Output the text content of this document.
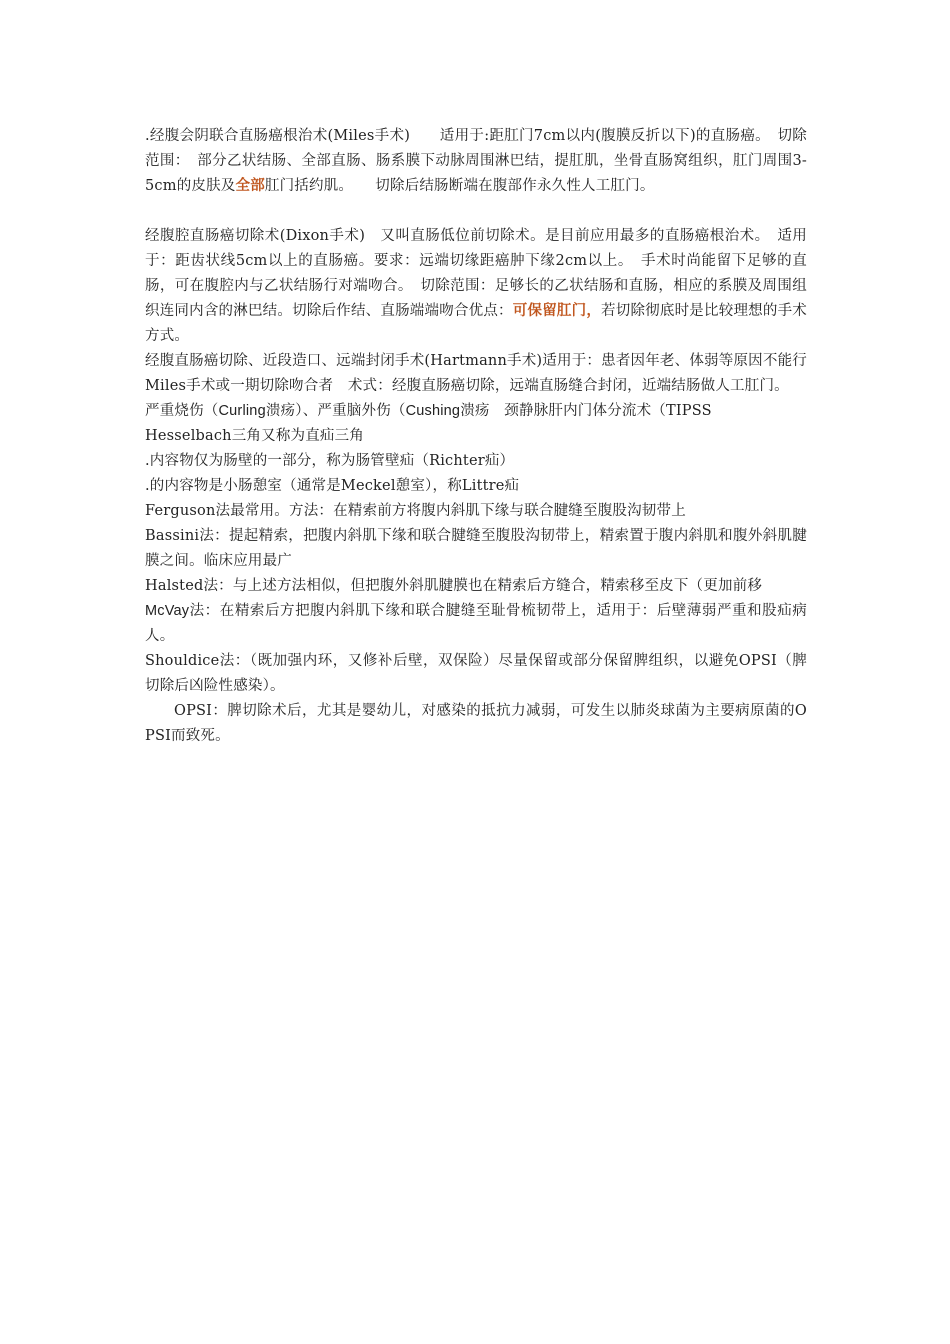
.经腹会阴联合直肠癌根治术(Miles手术)　　适用于:距肛门7cm以内(腹膜反折以下)的直肠癌。　切除范围：　部分乙状结肠、全部直肠、肠系膜下动脉周围淋巴结，提肛肌，坐骨直肠窝组织，肛门周围3-5cm的皮肤及全部肛门括约肌。　　切除后结肠断端在腹部作永久性人工肛门。

经腹腔直肠癌切除术(Dixon手术)　又叫直肠低位前切除术。是目前应用最多的直肠癌根治术。　适用于：距齿状线5cm以上的直肠癌。要求：远端切缘距癌肿下缘2cm以上。　手术时尚能留下足够的直肠，可在腹腔内与乙状结肠行对端吻合。　切除范围：足够长的乙状结肠和直肠，相应的系膜及周围组织连同内含的淋巴结。切除后作结、直肠端端吻合优点：可保留肛门，若切除彻底时是比较理想的手术方式。

经腹直肠癌切除、近段造口、远端封闭手术(Hartmann手术)适用于：患者因年老、体弱等原因不能行Miles手术或一期切除吻合者　术式：经腹直肠癌切除，远端直肠缝合封闭，近端结肠做人工肛门。

严重烧伤（Curling溃疡）、严重脑外伤（Cushing溃疡　颈静脉肝内门体分流术（TIPSS

Hesselbach三角又称为直疝三角

.内容物仅为肠壁的一部分，称为肠管壁疝（Richter疝）

.的内容物是小肠憩室（通常是Meckel憩室），称Littre疝

Ferguson法最常用。方法：在精索前方将腹内斜肌下缘与联合腱缝至腹股沟韧带上

Bassini法：提起精索，把腹内斜肌下缘和联合腱缝至腹股沟韧带上，精索置于腹内斜肌和腹外斜肌腱膜之间。临床应用最广

Halsted法：与上述方法相似，但把腹外斜肌腱膜也在精索后方缝合，精索移至皮下（更加前移

McVay法：在精索后方把腹内斜肌下缘和联合腱缝至耻骨梳韧带上，适用于：后壁薄弱严重和股疝病人。

Shouldice法：（既加强内环，又修补后壁，双保险）尽量保留或部分保留脾组织，以避免OPSI（脾切除后凶险性感染）。

OPSI：脾切除术后，尤其是婴幼儿，对感染的抵抗力减弱，可发生以肺炎球菌为主要病原菌的OPSI而致死。
